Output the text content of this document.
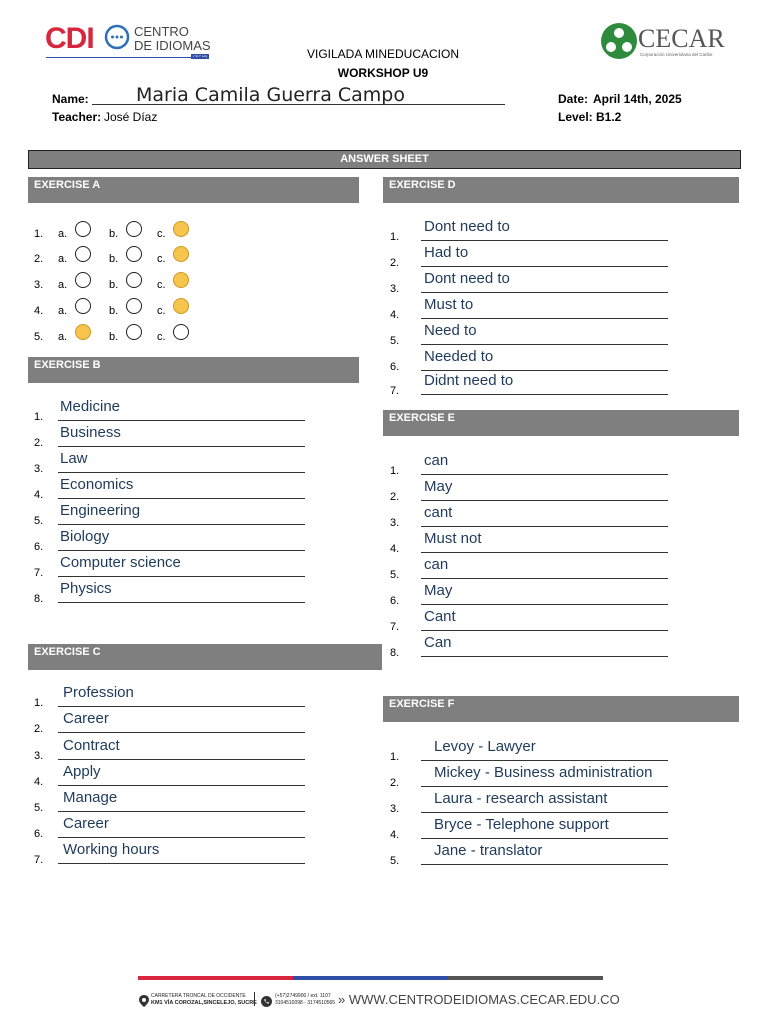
CDI	CENTRO
DE IDIOMAS
CECAR	VIGILADA MINEDUCACION
WORKSHOP U9
CECAR
Corporación Universitaria del Caribe
Name: Maria Camila Guerra Campo	Date: April 14th, 2025
Teacher: José Díaz	Level: B1.2
ANSWER SHEET
EXERCISE A
1.	a.	b.	c.
2.	a.	b.	c.
3.	a.	b.	c.
4.	a.	b.	c.
5.	a.	b.	c.
EXERCISE B
1.
Medicine
2.
Business
3.
Law
4.
Economics
5.
Engineering
6.
Biology
7.
Computer science
8.
Physics
EXERCISE C
1.
Profession
2.
Career
3.
Contract
4.
Apply
5.
Manage
6.
Career
7.
Working hours
EXERCISE D
1.
Dont need to
2.
Had to
3.
Dont need to
4.
Must to
5.
Need to
6.
Needed to
7.
Didnt need to
EXERCISE E
1.
can
2.
May
3.
cant
4.
Must not
5.
can
6.
May
7.
Cant
8.
Can
EXERCISE F
1.
Levoy - Lawyer
2.
Mickey - Business administration
3.
Laura - research assistant
4.
Bryce - Telephone support
5.
Jane - translator
CARRETERA TRONCAL DE OCCIDENTE
KM1 VÍA COROZAL,SINCELEJO, SUCRE
(+57)2749900 / ext. 1107
3104510098 - 3174510565 » WWW.CENTRODEIDIOMAS.CECAR.EDU.CO
